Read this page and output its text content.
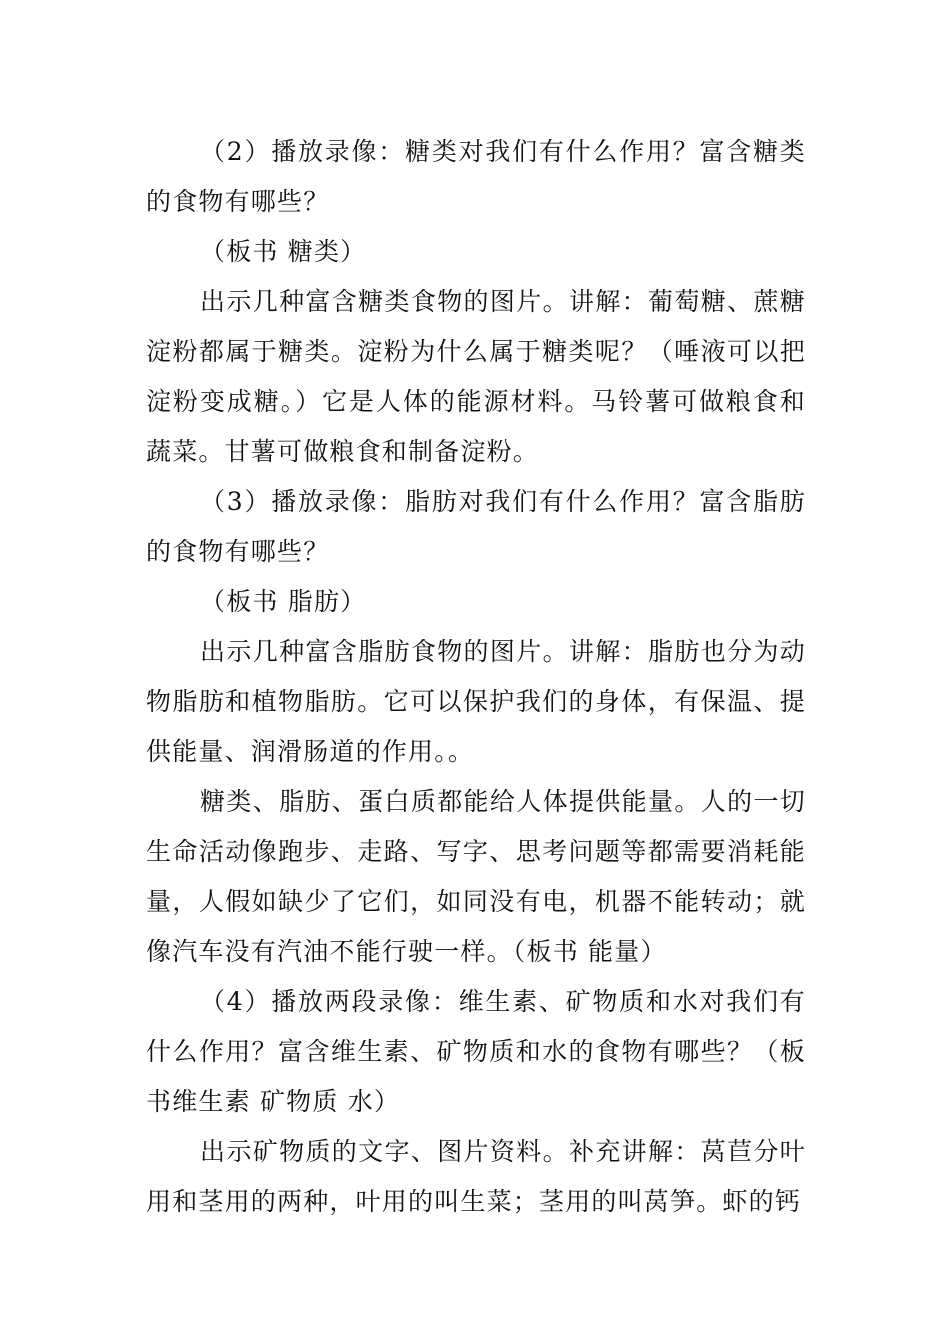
（2）播放录像：糖类对我们有什么作用？富含糖类的食物有哪些？

（板书 糖类）

出示几种富含糖类食物的图片。讲解：葡萄糖、蔗糖淀粉都属于糖类。淀粉为什么属于糖类呢？（唾液可以把淀粉变成糖。）它是人体的能源材料。马铃薯可做粮食和蔬菜。甘薯可做粮食和制备淀粉。

（3）播放录像：脂肪对我们有什么作用？富含脂肪的食物有哪些？

（板书 脂肪）

出示几种富含脂肪食物的图片。讲解：脂肪也分为动物脂肪和植物脂肪。它可以保护我们的身体，有保温、提供能量、润滑肠道的作用。。

糖类、脂肪、蛋白质都能给人体提供能量。人的一切生命活动像跑步、走路、写字、思考问题等都需要消耗能量，人假如缺少了它们，如同没有电，机器不能转动；就像汽车没有汽油不能行驶一样。（板书 能量）

（4）播放两段录像：维生素、矿物质和水对我们有什么作用？富含维生素、矿物质和水的食物有哪些？（板书维生素 矿物质 水）

出示矿物质的文字、图片资料。补充讲解：莴苣分叶用和茎用的两种，叶用的叫生菜；茎用的叫莴笋。虾的钙
